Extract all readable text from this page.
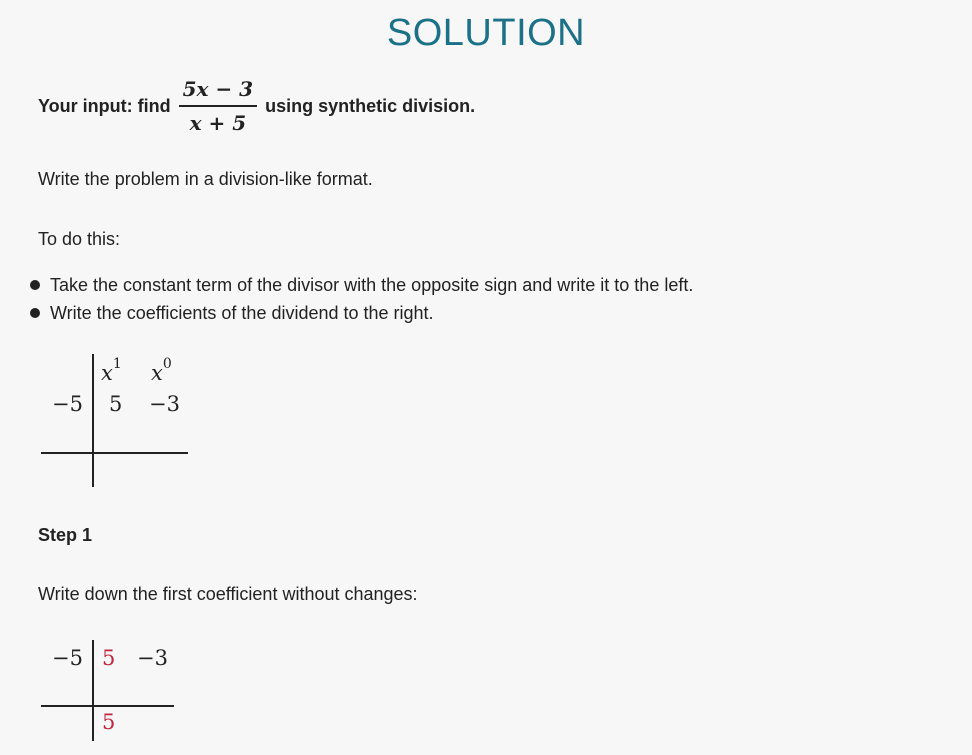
SOLUTION
Your input: find $\frac{5x - 3}{x + 5}$ using synthetic division.
Write the problem in a division-like format.
To do this:
Take the constant term of the divisor with the opposite sign and write it to the left.
Write the coefficients of the dividend to the right.
$x^1$ $x^0$
−5 5 −3
Step 1
Write down the first coefficient without changes:
−5 5 −3
5
